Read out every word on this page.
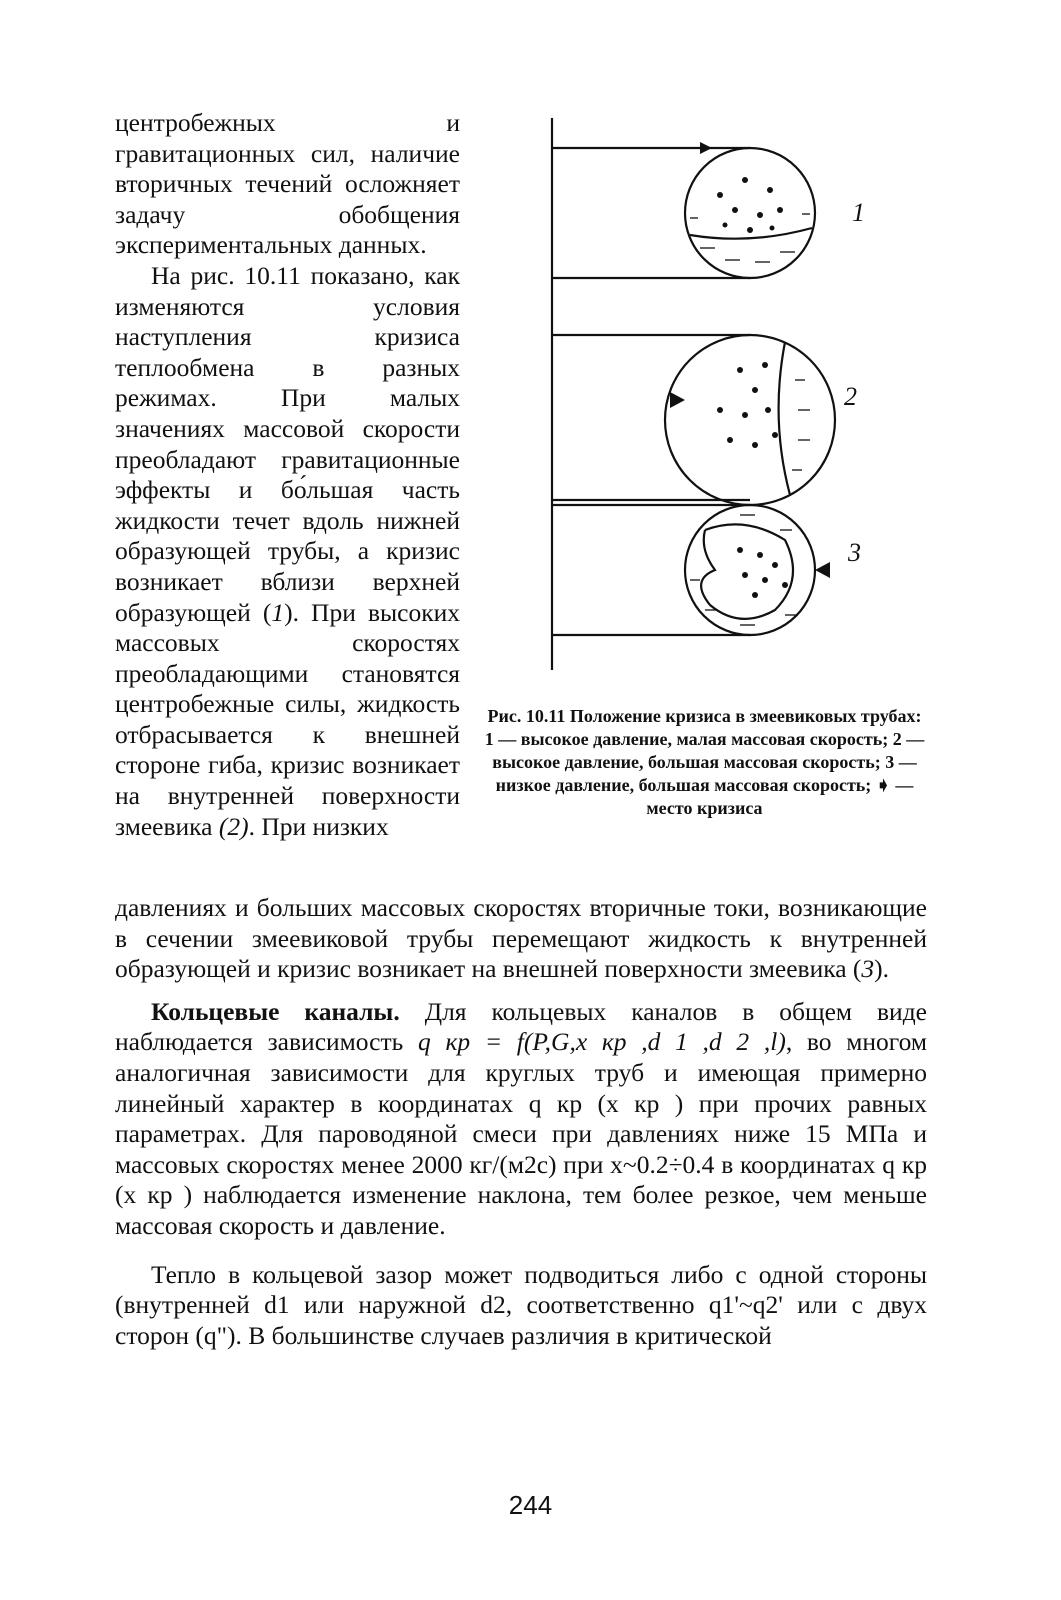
центробежных и гравитационных сил, наличие вторичных течений осложняет задачу обобщения экспериментальных данных.

На рис. 10.11 показано, как изменяются условия наступления кризиса теплообмена в разных режимах. При малых значениях массовой скорости преобладают гравитационные эффекты и бо́льшая часть жидкости течет вдоль нижней образующей трубы, а кризис возникает вблизи верхней образующей (1). При высоких массовых скоростях преобладающими становятся центробежные силы, жидкость отбрасывается к внешней стороне гиба, кризис возникает на внутренней поверхности змеевика (2). При низких

1
2
3
Рис. 10.11 Положение кризиса в змеевиковых трубах:
1 — высокое давление, малая массовая скорость; 2 — высокое давление, большая массовая скорость; 3 — низкое давление, большая массовая скорость; ➧ — место кризиса

давлениях и больших массовых скоростях вторичные токи, возникающие в сечении змеевиковой трубы перемещают жидкость к внутренней образующей и кризис возникает на внешней поверхности змеевика (3).

Кольцевые каналы. Для кольцевых каналов в общем виде наблюдается зависимость q кр = f(P,G,x кр ,d 1 ,d 2 ,l), во многом аналогичная зависимости для круглых труб и имеющая примерно линейный характер в координатах q кр (x кр ) при прочих равных параметрах. Для пароводяной смеси при давлениях ниже 15 МПа и массовых скоростях менее 2000 кг/(м2с) при x~0.2÷0.4 в координатах q кр (x кр ) наблюдается изменение наклона, тем более резкое, чем меньше массовая скорость и давление.

Тепло в кольцевой зазор может подводиться либо с одной стороны (внутренней d1 или наружной d2, соответственно q1'~q2' или с двух сторон (q"). В большинстве случаев различия в критической

244
